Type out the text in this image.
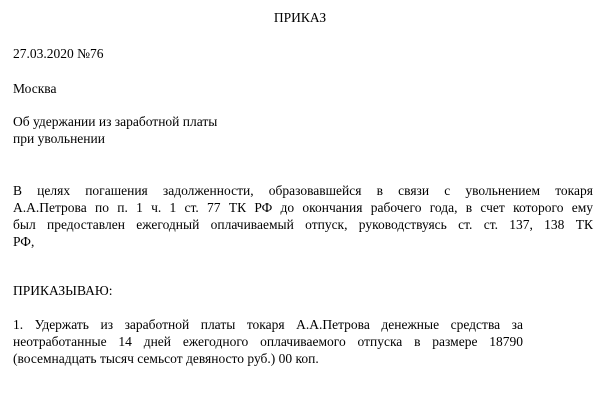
ПРИКАЗ
27.03.2020 №76
Москва
Об удержании из заработной платы
при увольнении
В целях погашения задолженности, образовавшейся в связи с увольнением токаря
А.А.Петрова по п. 1 ч. 1 ст. 77 ТК РФ до окончания рабочего года, в счет которого ему
был предоставлен ежегодный оплачиваемый отпуск, руководствуясь ст. ст. 137, 138 ТК
РФ,
ПРИКАЗЫВАЮ:
1. Удержать из заработной платы токаря А.А.Петрова денежные средства за
неотработанные 14 дней ежегодного оплачиваемого отпуска в размере 18790
(восемнадцать тысяч семьсот девяносто руб.) 00 коп.
